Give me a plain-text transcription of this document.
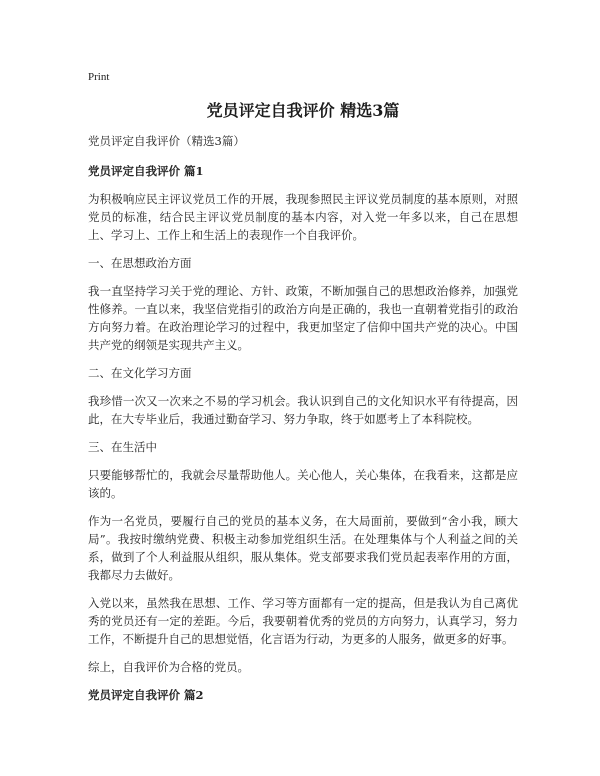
Print
党员评定自我评价 精选3篇
党员评定自我评价（精选3篇）
党员评定自我评价 篇1

为积极响应民主评议党员工作的开展，我现参照民主评议党员制度的基本原则，对照党员的标准，结合民主评议党员制度的基本内容，对入党一年多以来，自己在思想上、学习上、工作上和生活上的表现作一个自我评价。

一、在思想政治方面

我一直坚持学习关于党的理论、方针、政策，不断加强自己的思想政治修养，加强党性修养。一直以来，我坚信党指引的政治方向是正确的，我也一直朝着党指引的政治方向努力着。在政治理论学习的过程中，我更加坚定了信仰中国共产党的决心。中国共产党的纲领是实现共产主义。

二、在文化学习方面

我珍惜一次又一次来之不易的学习机会。我认识到自己的文化知识水平有待提高，因此，在大专毕业后，我通过勤奋学习、努力争取，终于如愿考上了本科院校。

三、在生活中

只要能够帮忙的，我就会尽量帮助他人。关心他人，关心集体，在我看来，这都是应该的。

作为一名党员，要履行自己的党员的基本义务，在大局面前，要做到“舍小我，顾大局”。我按时缴纳党费、积极主动参加党组织生活。在处理集体与个人利益之间的关系，做到了个人利益服从组织，服从集体。党支部要求我们党员起表率作用的方面，我都尽力去做好。

入党以来，虽然我在思想、工作、学习等方面都有一定的提高，但是我认为自己离优秀的党员还有一定的差距。今后，我要朝着优秀的党员的方向努力，认真学习，努力工作，不断提升自己的思想觉悟，化言语为行动，为更多的人服务，做更多的好事。

综上，自我评价为合格的党员。

党员评定自我评价 篇2
